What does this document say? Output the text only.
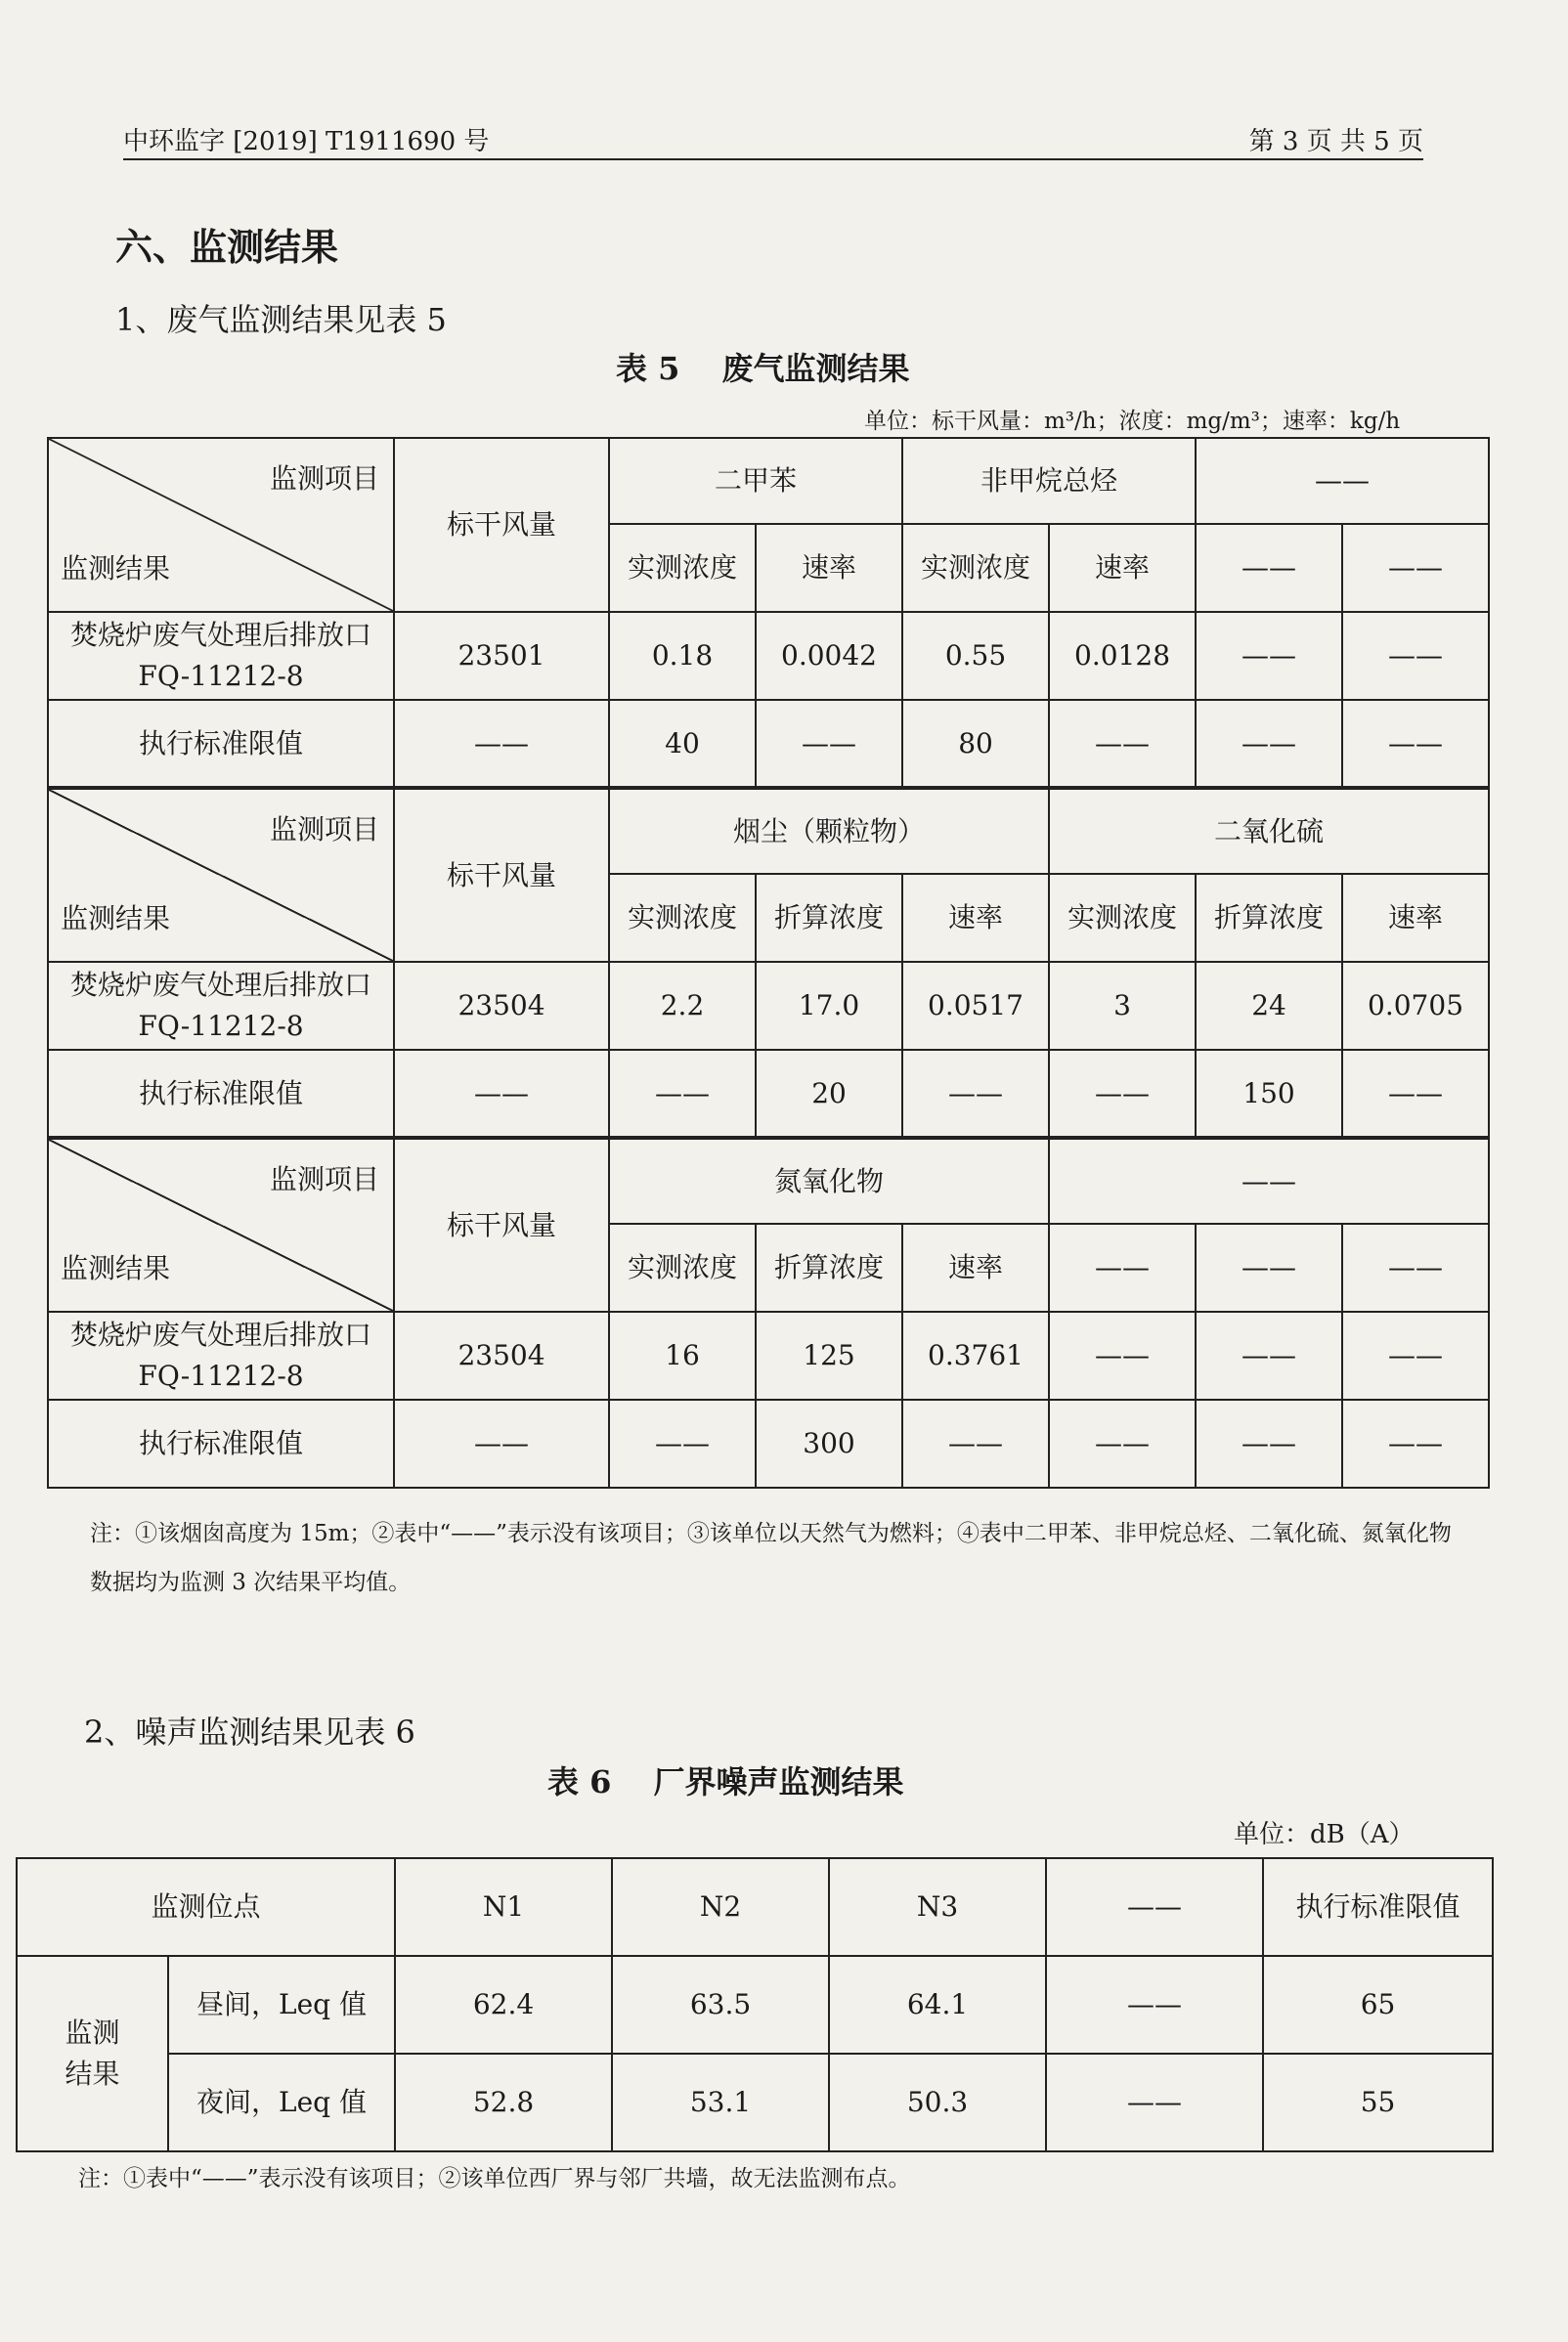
中环监字 [2019] T1911690 号	第 3 页 共 5 页
六、监测结果
1、废气监测结果见表 5
表 5 　废气监测结果
单位：标干风量：m³/h；浓度：mg/m³；速率：kg/h
监测项目
监测结果	标干风量	二甲苯		非甲烷总烃		——	
		实测浓度	速率	实测浓度	速率	——	——
焚烧炉废气处理后排放口 FQ-11212-8	23501	0.18	0.0042	0.55	0.0128	——	——
执行标准限值	——	40	——	80	——	——	——

监测项目
监测结果	标干风量	烟尘（颗粒物）			二氧化硫		
		实测浓度	折算浓度	速率	实测浓度	折算浓度	速率
焚烧炉废气处理后排放口 FQ-11212-8	23504	2.2	17.0	0.0517	3	24	0.0705
执行标准限值	——	——	20	——	——	150	——

监测项目
监测结果	标干风量	氮氧化物			——		
		实测浓度	折算浓度	速率	——	——	——
焚烧炉废气处理后排放口 FQ-11212-8	23504	16	125	0.3761	——	——	——
执行标准限值	——	——	300	——	——	——	——
注：①该烟囱高度为 15m；②表中“——”表示没有该项目；③该单位以天然气为燃料；④表中二甲苯、非甲烷总烃、二氧化硫、氮氧化物数据均为监测 3 次结果平均值。
2、噪声监测结果见表 6
表 6 　厂界噪声监测结果
单位：dB（A）
监测位点		N1	N2	N3	——	执行标准限值
监测结果	昼间，Leq 值	62.4	63.5	64.1	——	65
	夜间，Leq 值	52.8	53.1	50.3	——	55
注：①表中“——”表示没有该项目；②该单位西厂界与邻厂共墙，故无法监测布点。
